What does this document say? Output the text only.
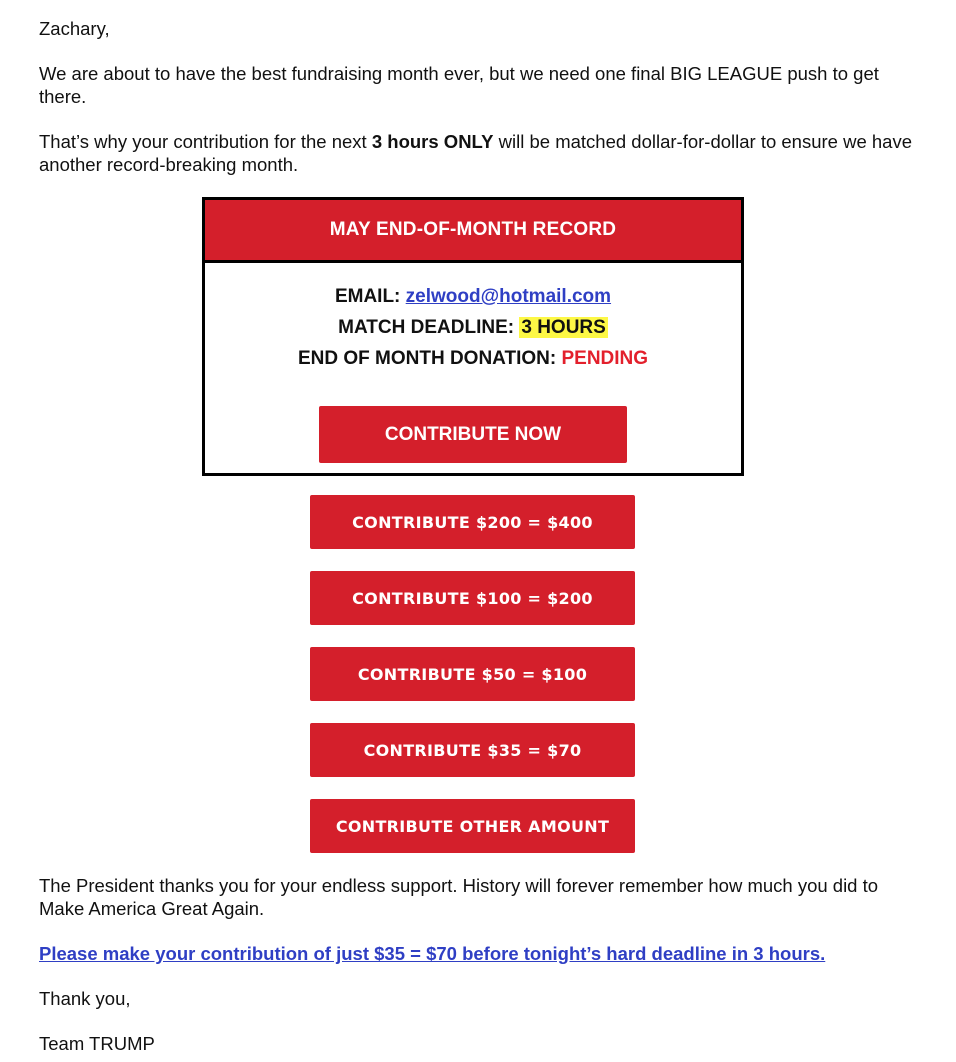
Zachary,

We are about to have the best fundraising month ever, but we need one final BIG LEAGUE push to get there.

That’s why your contribution for the next 3 hours ONLY will be matched dollar-for-dollar to ensure we have another record-breaking month.

MAY END-OF-MONTH RECORD
EMAIL: zelwood@hotmail.com
MATCH DEADLINE: 3 HOURS
END OF MONTH DONATION: PENDING
CONTRIBUTE NOW
CONTRIBUTE $200 = $400
CONTRIBUTE $100 = $200
CONTRIBUTE $50 = $100
CONTRIBUTE $35 = $70
CONTRIBUTE OTHER AMOUNT

The President thanks you for your endless support. History will forever remember how much you did to Make America Great Again.

Please make your contribution of just $35 = $70 before tonight’s hard deadline in 3 hours.

Thank you,

Team TRUMP
